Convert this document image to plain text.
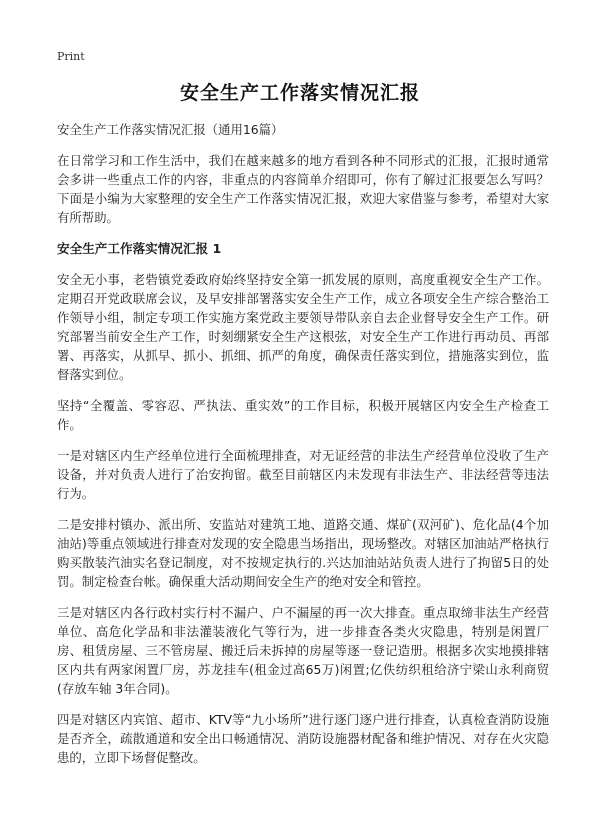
Print
安全生产工作落实情况汇报

安全生产工作落实情况汇报（通用16篇）

在日常学习和工作生活中，我们在越来越多的地方看到各种不同形式的汇报，汇报时通常会多讲一些重点工作的内容，非重点的内容简单介绍即可，你有了解过汇报要怎么写吗？下面是小编为大家整理的安全生产工作落实情况汇报，欢迎大家借鉴与参考，希望对大家有所帮助。

安全生产工作落实情况汇报 1

安全无小事，老砦镇党委政府始终坚持安全第一抓发展的原则，高度重视安全生产工作。定期召开党政联席会议，及早安排部署落实安全生产工作，成立各项安全生产综合整治工作领导小组，制定专项工作实施方案党政主要领导带队亲自去企业督导安全生产工作。研究部署当前安全生产工作，时刻绷紧安全生产这根弦，对安全生产工作进行再动员、再部署、再落实，从抓早、抓小、抓细、抓严的角度，确保责任落实到位，措施落实到位，监督落实到位。

坚持“全覆盖、零容忍、严执法、重实效”的工作目标，积极开展辖区内安全生产检查工作。

一是对辖区内生产经单位进行全面梳理排查，对无证经营的非法生产经营单位没收了生产设备，并对负责人进行了治安拘留。截至目前辖区内未发现有非法生产、非法经营等违法行为。

二是安排村镇办、派出所、安监站对建筑工地、道路交通、煤矿(双河矿)、危化品(4个加油站)等重点领域进行排查对发现的安全隐患当场指出，现场整改。对辖区加油站严格执行购买散装汽油实名登记制度，对不按规定执行的.兴达加油站站负责人进行了拘留5日的处罚。制定检查台帐。确保重大活动期间安全生产的绝对安全和管控。

三是对辖区内各行政村实行村不漏户、户不漏屋的再一次大排查。重点取缔非法生产经营单位、高危化学品和非法灌装液化气等行为，进一步排查各类火灾隐患，特别是闲置厂房、租赁房屋、三不管房屋、搬迁后未拆掉的房屋等逐一登记造册。根据多次实地摸排辖区内共有两家闲置厂房，苏龙挂车(租金过高65万)闲置;亿佚纺织租给济宁梁山永利商贸(存放车轴 3年合同)。

四是对辖区内宾馆、超市、KTV等“九小场所”进行逐门逐户进行排查，认真检查消防设施是否齐全，疏散通道和安全出口畅通情况、消防设施器材配备和维护情况、对存在火灾隐患的，立即下场督促整改。
